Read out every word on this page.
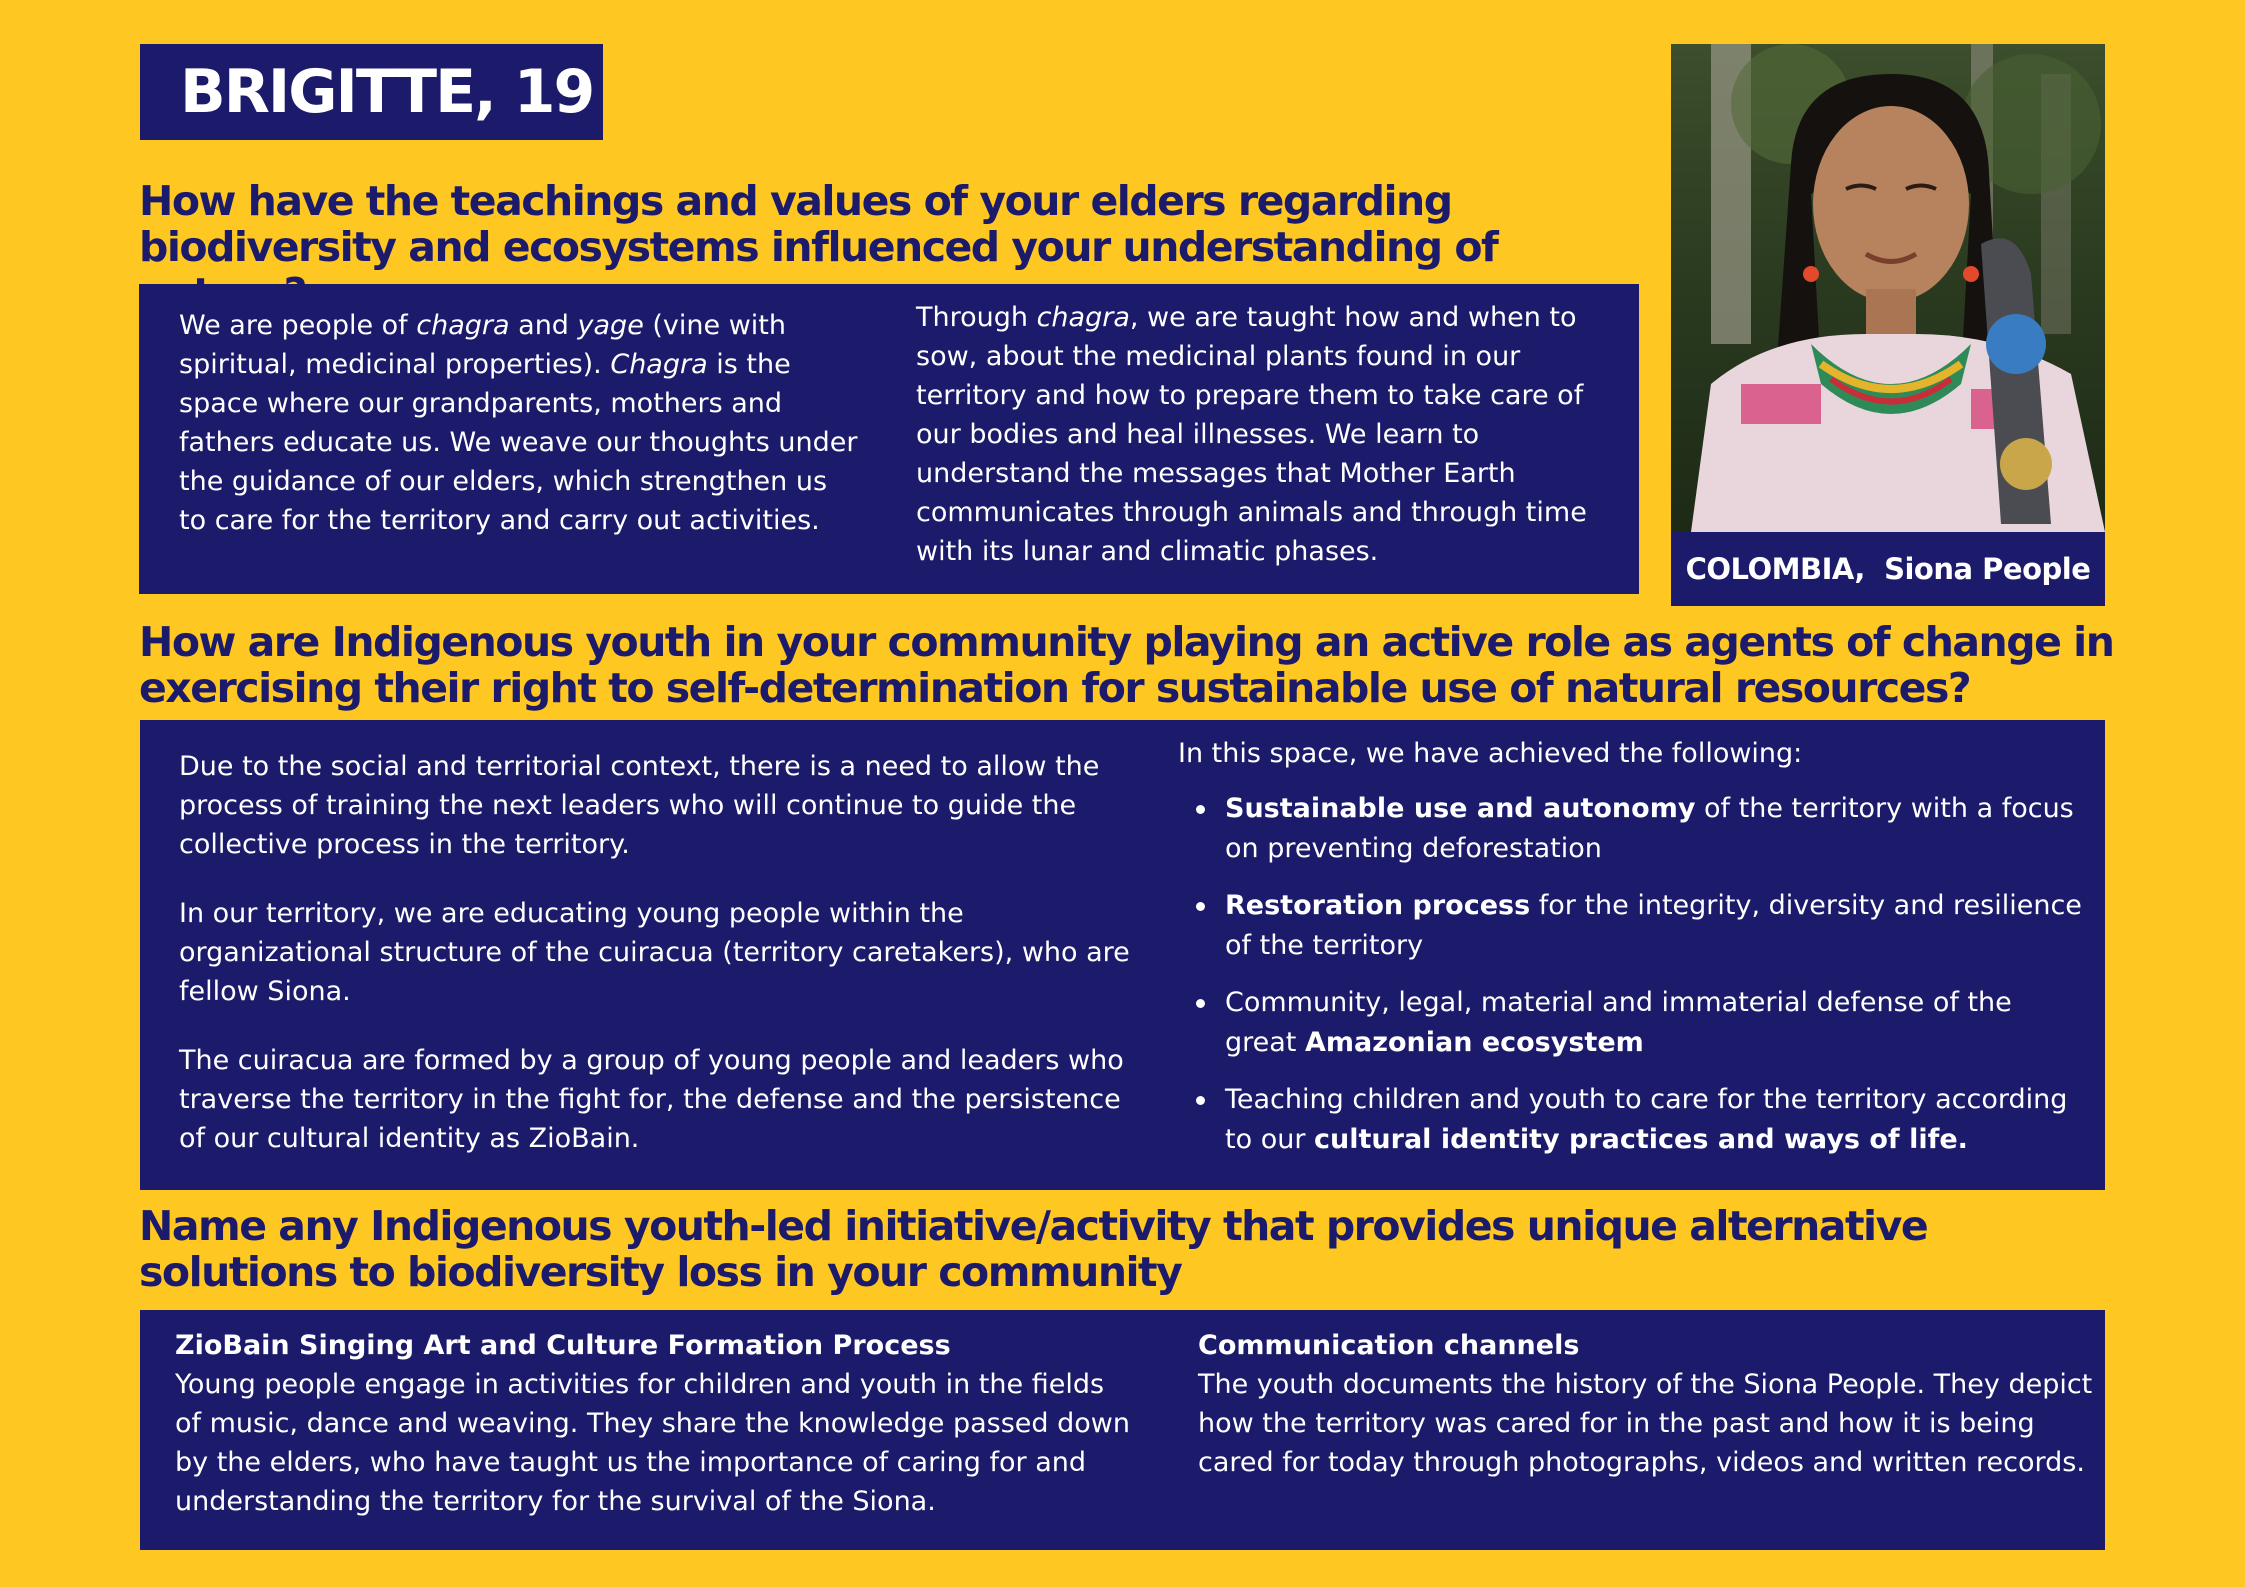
BRIGITTE, 19
How have the teachings and values of your elders regarding biodiversity and ecosystems influenced your understanding of

We are people of chagra and yage (vine with spiritual, medicinal properties). Chagra is the space where our grandparents, mothers and fathers educate us. We weave our thoughts under the guidance of our elders, which strengthen us to care for the territory and carry out activities.

Through chagra, we are taught how and when to sow, about the medicinal plants found in our territory and how to prepare them to take care of our bodies and heal illnesses. We learn to understand the messages that Mother Earth communicates through animals and through time with its lunar and climatic phases.

COLOMBIA, Siona People
How are Indigenous youth in your community playing an active role as agents of change in exercising their right to self-determination for sustainable use of natural resources?

Due to the social and territorial context, there is a need to allow the process of training the next leaders who will continue to guide the collective process in the territory.

In our territory, we are educating young people within the organizational structure of the cuiracua (territory caretakers), who are fellow Siona.

The cuiracua are formed by a group of young people and leaders who traverse the territory in the fight for, the defense and the persistence of our cultural identity as ZioBain.

In this space, we have achieved the following:

Sustainable use and autonomy of the territory with a focus on preventing deforestation
Restoration process for the integrity, diversity and resilience of the territory
Community, legal, material and immaterial defense of the great Amazonian ecosystem
Teaching children and youth to care for the territory according to our cultural identity practices and ways of life.
Name any Indigenous youth-led initiative/activity that provides unique alternative solutions to biodiversity loss in your community

ZioBain Singing Art and Culture Formation Process

Young people engage in activities for children and youth in the fields of music, dance and weaving. They share the knowledge passed down by the elders, who have taught us the importance of caring for and understanding the territory for the survival of the Siona.

Communication channels

The youth documents the history of the Siona People. They depict how the territory was cared for in the past and how it is being cared for today through photographs, videos and written records.
